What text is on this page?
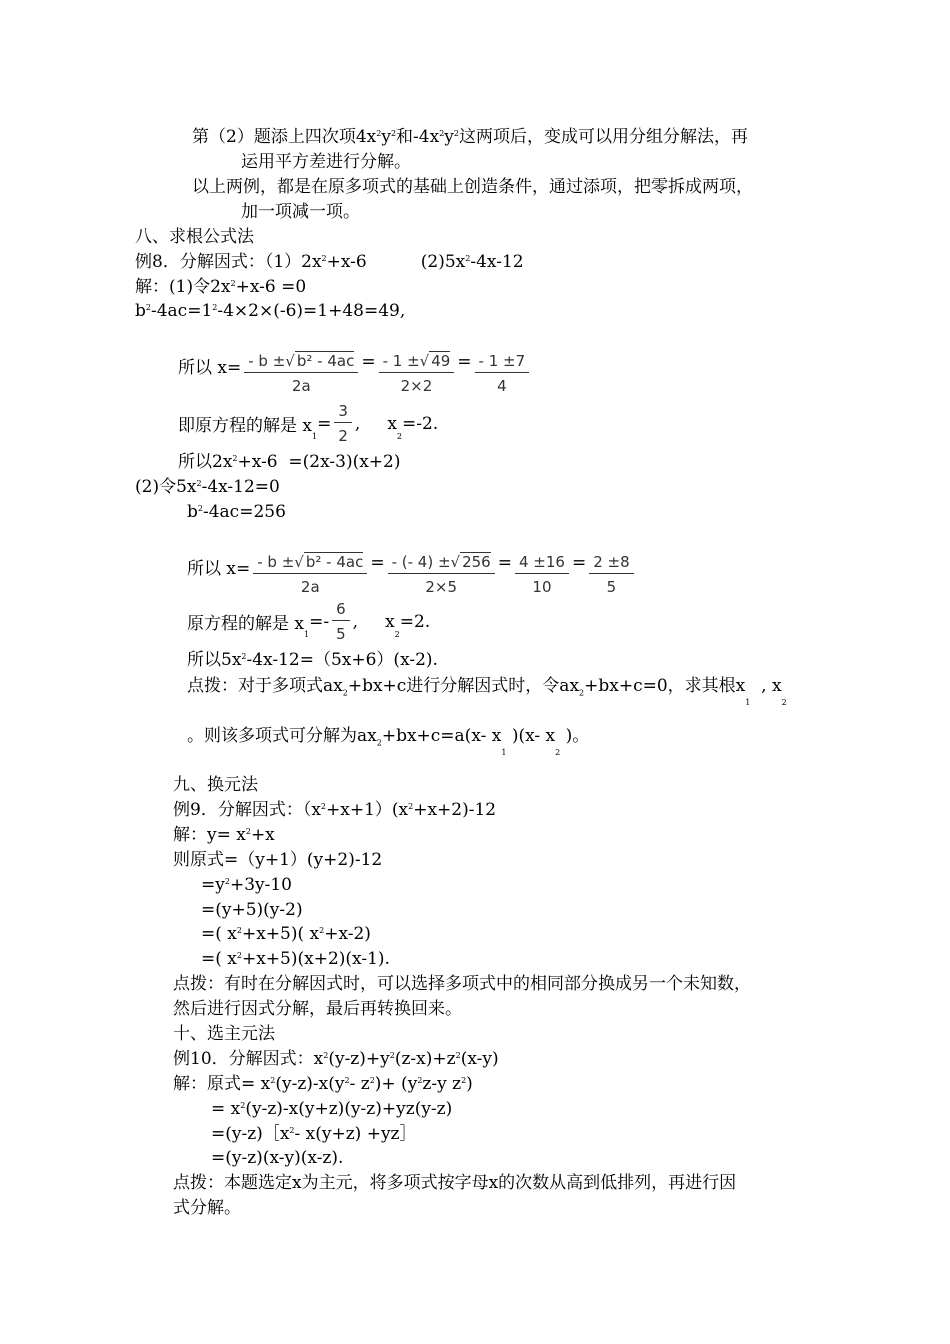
第（2）题添上四次项$4x^2y^2$和$-4x^2y^2$这两项后，变成可以用分组分解法，再
运用平方差进行分解。
以上两例，都是在原多项式的基础上创造条件，通过添项，把零拆成两项，
加一项减一项。
八、求根公式法
例8．分解因式：$(1)2x^2+x-6$          $(2)5x^2-4x-12$
解：(1)令$2x^2+x-6 =0$
$b^2-4ac=1^2-4\times 2\times(-6)=1+48=49$,
所以 $x= \frac{\text{- b ±√ b² - 4ac}}{2a} = \frac{- 1 \pm√ 49}{2\times 2} = \frac{- 1 \pm 7}{4}$
即原方程的解是 x
1
= $\frac{3}{2}$ ,     x
2
=-2.
所以$2x^2+x-6 =(2x-3)(x+2)$
(2)令$5x^2-4x-12=0$
$b^2-4ac=256$
所以 $x= \frac{\text{- b ±√ b² - 4ac}}{2a} = \frac{- (- 4) \pm√ 256}{2\times 5} = \frac{4 \pm 16}{10} = \frac{2 \pm 8}{5}$
原方程的解是 x
1
=- $\frac{6}{5}$ ,     x
2
=2.
所以$5x^2-4x-12=(5x+6)(x-2)$.
点拨：对于多项式$ax_2+bx+c$进行分解因式时，令$ax_2+bx+c=0$，求其根$x_1$  , $x_2$
。则该多项式可分解为$ax_2+bx+c=a(x-$ $x_1$ )(x- $x_2$ )。
九、换元法
例9．分解因式：$(x^2+x+1)(x^2+x+2)-12$
解：$y= x^2+x$
则原式=（y+1）(y+2)-12
$=y^2+3y-10$
=(y+5)(y-2)
=( $x^2+x+5$)( $x^2+x-2$)
=( $x^2+x+5)(x+2)(x-1)$.
点拨：有时在分解因式时，可以选择多项式中的相同部分换成另一个未知数，
然后进行因式分解，最后再转换回来。
十、选主元法
例10．分解因式：$x^2(y-z)+y^2(z-x)+z^2(x-y)$
解：原式= $x^2(y-z)-x(y^2-$ $z^2)+ (y^2z-y$ $z^2$)
= $x^2(y-z)-x(y+z)(y-z)+yz(y-z)$
$=(y-z)[x^2-$ x(y+z) +yz］
=(y-z)(x-y)(x-z).
点拨：本题选定x为主元，将多项式按字母x的次数从高到低排列，再进行因
式分解。
